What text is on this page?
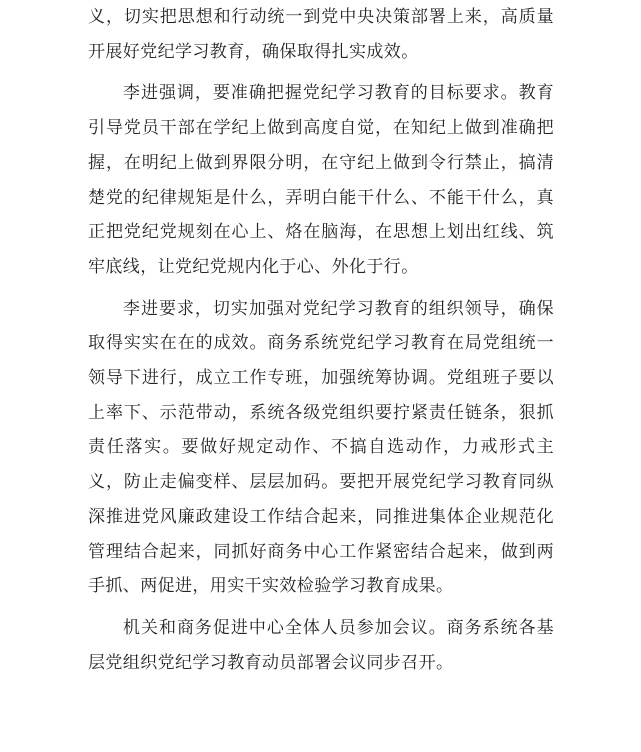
义，切实把思想和行动统一到党中央决策部署上来，高质量开展好党纪学习教育，确保取得扎实成效。

李进强调，要准确把握党纪学习教育的目标要求。教育引导党员干部在学纪上做到高度自觉，在知纪上做到准确把握，在明纪上做到界限分明，在守纪上做到令行禁止，搞清楚党的纪律规矩是什么，弄明白能干什么、不能干什么，真正把党纪党规刻在心上、烙在脑海，在思想上划出红线、筑牢底线，让党纪党规内化于心、外化于行。

李进要求，切实加强对党纪学习教育的组织领导，确保取得实实在在的成效。商务系统党纪学习教育在局党组统一领导下进行，成立工作专班，加强统筹协调。党组班子要以上率下、示范带动，系统各级党组织要拧紧责任链条，狠抓责任落实。要做好规定动作、不搞自选动作，力戒形式主义，防止走偏变样、层层加码。要把开展党纪学习教育同纵深推进党风廉政建设工作结合起来，同推进集体企业规范化管理结合起来，同抓好商务中心工作紧密结合起来，做到两手抓、两促进，用实干实效检验学习教育成果。

机关和商务促进中心全体人员参加会议。商务系统各基层党组织党纪学习教育动员部署会议同步召开。
